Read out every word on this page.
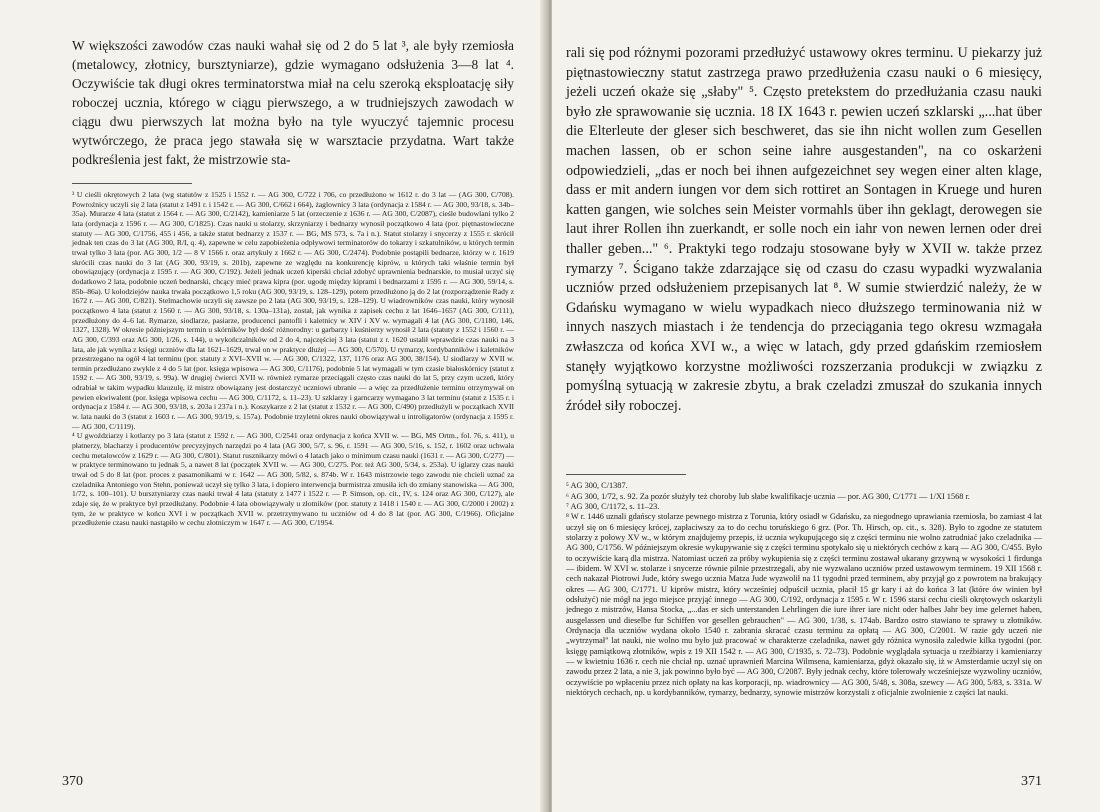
W większości zawodów czas nauki wahał się od 2 do 5 lat ³, ale były rzemiosła (metalowcy, złotnicy, bursztyniarze), gdzie wymagano odsłużenia 3—8 lat ⁴. Oczywiście tak długi okres terminatorstwa miał na celu szeroką eksploatację siły roboczej ucznia, którego w ciągu pierwszego, a w trudniejszych zawodach w ciągu dwu pierwszych lat można było na tyle wyuczyć tajemnic procesu wytwórczego, że praca jego stawała się w warsztacie przydatna. Wart także podkreślenia jest fakt, że mistrzowie sta-

³ U cieśli okrętowych 2 lata (wg statutów z 1525 i 1552 r. — AG 300, C/722 i 706, co przedłużono w 1612 r. do 3 lat — (AG 300, C/708). Powroźnicy uczyli się 2 lata (statut z 1491 r. i 1542 r. — AG 300, C/662 i 664), żaglownicy 3 lata (ordynacja z 1584 r. — AG 300, 93/18, s. 34b–35a). Murarze 4 lata (statut z 1564 r. — AG 300, C/2142), kamieniarze 5 lat (orzeczenie z 1636 r. — AG 300, C/2087), cieśle budowlani tylko 2 lata (ordynacja z 1596 r. — AG 300, C/1825). Czas nauki u stolarzy, skrzyniarzy i bednarzy wynosił początkowo 4 lata (por. piętnastowieczne statuty — AG 300, C/1756, 455 i 456, a także statut bednarzy z 1537 r. — BG, MS 573, s. 7a i n.). Statut stolarzy i snycerzy z 1555 r. skrócił jednak ten czas do 3 lat (AG 300, R/I, q. 4), zapewne w celu zapobieżenia odpływowi terminatorów do tokarzy i szkatulników, u których termin trwał tylko 3 lata (por. AG 300, 1/2 — 8 V 1566 r. oraz artykuły z 1662 r. — AG 300, C/2474). Podobnie postąpili bednarze, którzy w r. 1619 skrócili czas nauki do 3 lat (AG 300, 93/19, s. 201b), zapewne ze względu na konkurencję kiprów, u których taki właśnie termin był obowiązujący (ordynacja z 1595 r. — AG 300, C/192). Jeżeli jednak uczeń kiperski chciał zdobyć uprawnienia bednarskie, to musiał uczyć się dodatkowo 2 lata, podobnie uczeń bednarski, chcący mieć prawa kipra (por. ugodę między kiprami i bednarzami z 1595 r. — AG 300, 59/14, s. 85b–86a). U kołodziejów nauka trwała początkowo 1,5 roku (AG 300, 93/19, s. 128–129), potem przedłużono ją do 2 lat (rozporządzenie Rady z 1672 r. — AG 300, C/821). Stelmachowie uczyli się zawsze po 2 lata (AG 300, 93/19, s. 128–129). U wiadrowników czas nauki, który wynosił początkowo 4 lata (statut z 1560 r. — AG 300, 93/18, s. 130a–131a), został, jak wynika z zapisek cechu z lat 1646–1657 (AG 300, C/111), przedłużony do 4–6 lat. Rymarze, siodlarze, pasiarze, producenci pantofli i kaletnicy w XIV i XV w. wymagali 4 lat (AG 300, C/1180, 146, 1327, 1328). W okresie późniejszym termin u skórników był dość różnorodny: u garbarzy i kuśnierzy wynosił 2 lata (statuty z 1552 i 1560 r. — AG 300, C/393 oraz AG 300, 1/26, s. 144), u wykończalników od 2 do 4, najczęściej 3 lata (statut z r. 1620 ustalił wprawdzie czas nauki na 3 lata, ale jak wynika z księgi uczniów dla lat 1621–1629, trwał on w praktyce dłużej — AG 300, C/570). U rymarzy, kordybanników i kaletników przestrzegano na ogół 4 lat terminu (por. statuty z XVI–XVII w. — AG 300, C/1322, 137, 1176 oraz AG 300, 38/154). U siodlarzy w XVII w. termin przedłużano zwykle z 4 do 5 lat (por. księga wpisowa — AG 300, C/1176), podobnie 5 lat wymagali w tym czasie białoskórnicy (statut z 1592 r. — AG 300, 93/19, s. 99a). W drugiej ćwierci XVII w. również rymarze przeciągali często czas nauki do lat 5, przy czym uczeń, który odrabiał w takim wypadku klauzulę, iż mistrz obowiązany jest dostarczyć uczniowi ubranie — a więc za przedłużenie terminu otrzymywał on pewien ekwiwalent (por. księga wpisowa cechu — AG 300, C/1172, s. 11–23). U szklarzy i garncarzy wymagano 3 lat terminu (statut z 1535 r. i ordynacja z 1584 r. — AG 300, 93/18, s. 203a i 237a i n.). Koszykarze z 2 lat (statut z 1532 r. — AG 300, C/490) przedłużyli w początkach XVII w. lata nauki do 3 (statut z 1603 r. — AG 300, 93/19, s. 157a). Podobnie trzyletni okres nauki obowiązywał u introligatorów (ordynacja z 1595 r. — AG 300, C/1119).

⁴ U gwoździarzy i kotlarzy po 3 lata (statut z 1592 r. — AG 300, C/2541 oraz ordynacja z końca XVII w. — BG, MS Ortm., fol. 76, s. 411), u płatnerzy, blacharzy i producentów precyzyjnych narzędzi po 4 lata (AG 300, 5/7, s. 96, r. 1591 — AG 300, 5/16, s. 152, r. 1602 oraz uchwała cechu metalowców z 1629 r. — AG 300, C/801). Statut rusznikarzy mówi o 4 latach jako o minimum czasu nauki (1631 r. — AG 300, C/277) — w praktyce terminowano tu jednak 5, a nawet 8 lat (początek XVII w. — AG 300, C/275. Por. też AG 300, 5/34, s. 253a). U iglarzy czas nauki trwał od 5 do 8 lat (por. proces z pasamonikami w r. 1642 — AG 300, 5/82, s. 874b. W r. 1643 mistrzowie tego zawodu nie chcieli uznać za czeladnika Antoniego von Stehn, ponieważ uczył się tylko 3 lata, i dopiero interwencja burmistrza zmusiła ich do zmiany stanowiska — AG 300, 1/72, s. 100–101). U bursztyniarzy czas nauki trwał 4 lata (statuty z 1477 i 1522 r. — P. Simson, op. cit., IV, s. 124 oraz AG 300, C/127), ale zdaje się, że w praktyce był przedłużany. Podobnie 4 lata obowiązywały u złotników (por. statuty z 1418 i 1540 r. — AG 300, C/2000 i 2002) z tym, że w praktyce w końcu XVI i w początkach XVII w. przetrzymywano tu uczniów od 4 do 8 lat (por. AG 300, C/1966). Oficjalne przedłużenie czasu nauki nastąpiło w cechu złotniczym w 1647 r. — AG 300, C/1954.

370

rali się pod różnymi pozorami przedłużyć ustawowy okres terminu. U piekarzy już piętnastowieczny statut zastrzega prawo przedłużenia czasu nauki o 6 miesięcy, jeżeli uczeń okaże się „słaby" ⁵. Często pretekstem do przedłużania czasu nauki było złe sprawowanie się ucznia. 18 IX 1643 r. pewien uczeń szklarski „...hat über die Elterleute der gleser sich beschweret, das sie ihn nicht wollen zum Gesellen machen lassen, ob er schon seine iahre ausgestanden", na co oskarżeni odpowiedzieli, „das er noch bei ihnen aufgezeichnet sey wegen einer alten klage, dass er mit andern iungen vor dem sich rottiret an Sontagen in Kruege und huren katten gangen, wie solches sein Meister vormahls über ihn geklagt, derowegen sie laut ihrer Rollen ihn zuerkandt, er solle noch ein iahr von newen lernen oder drei thaller geben..." ⁶. Praktyki tego rodzaju stosowane były w XVII w. także przez rymarzy ⁷. Ścigano także zdarzające się od czasu do czasu wypadki wyzwalania uczniów przed odsłużeniem przepisanych lat ⁸. W sumie stwierdzić należy, że w Gdańsku wymagano w wielu wypadkach nieco dłuższego terminowania niż w innych naszych miastach i że tendencja do przeciągania tego okresu wzmagała zwłaszcza od końca XVI w., a więc w latach, gdy przed gdańskim rzemiosłem stanęły wyjątkowo korzystne możliwości rozszerzania produkcji w związku z pomyślną sytuacją w zakresie zbytu, a brak czeladzi zmuszał do szukania innych źródeł siły roboczej.

⁵ AG 300, C/1387.

⁶ AG 300, 1/72, s. 92. Za pozór służyły też choroby lub słabe kwalifikacje ucznia — por. AG 300, C/1771 — 1/XI 1568 r.

⁷ AG 300, C/1172, s. 11–23.

⁸ W r. 1446 uznali gdańscy stolarze pewnego mistrza z Torunia, który osiadł w Gdańsku, za niegodnego uprawiania rzemiosła, bo zamiast 4 lat uczył się on 6 miesięcy krócej, zapłaciwszy za to do cechu toruńskiego 6 grz. (Por. Th. Hirsch, op. cit., s. 328). Było to zgodne ze statutem stolarzy z połowy XV w., w którym znajdujemy przepis, iż ucznia wykupującego się z części terminu nie wolno zatrudniać jako czeladnika — AG 300, C/1756. W późniejszym okresie wykupywanie się z części terminu spotykało się u niektórych cechów z karą — AG 300, C/455. Było to oczywiście karą dla mistrza. Natomiast uczeń za próby wykupienia się z części terminu zostawał ukarany grzywną w wysokości 1 firdunga — ibidem. W XVI w. stolarze i snycerze równie pilnie przestrzegali, aby nie wyzwalano uczniów przed ustawowym terminem. 19 XII 1568 r. cech nakazał Piotrowi Jude, który swego ucznia Matza Jude wyzwolił na 11 tygodni przed terminem, aby przyjął go z powrotem na brakujący okres — AG 300, C/1771. U kiprów mistrz, który wcześniej odpuścił ucznia, płacił 15 gr kary i aż do końca 3 lat (które ów winien był odsłużyć) nie mógł na jego miejsce przyjąć innego — AG 300, C/192, ordynacja z 1595 r. W r. 1596 starsi cechu cieśli okrętowych oskarżyli jednego z mistrzów, Hansa Stocka, „...das er sich unterstanden Lehrlingen die iure ihrer iare nicht oder halbes Jahr bey ime gelernet haben, ausgelassen und dieselbe fur Schiffen vor gesellen gebrauchen" — AG 300, 1/38, s. 174ab. Bardzo ostro stawiano te sprawy u złotników. Ordynacja dla uczniów wydana około 1540 r. zabrania skracać czasu terminu za opłatą — AG 300, C/2001. W razie gdy uczeń nie „wytrzymał" lat nauki, nie wolno mu było już pracować w charakterze czeladnika, nawet gdy różnica wynosiła zaledwie kilka tygodni (por. księgę pamiątkową złotników, wpis z 19 XII 1542 r. — AG 300, C/1935, s. 72–73). Podobnie wyglądała sytuacja u rzeźbiarzy i kamieniarzy — w kwietniu 1636 r. cech nie chciał np. uznać uprawnień Marcina Wilmsena, kamieniarza, gdyż okazało się, iż w Amsterdamie uczył się on zawodu przez 2 lata, a nie 3, jak powinno było być — AG 300, C/2087. Były jednak cechy, które tolerowały wcześniejsze wyzwoliny uczniów, oczywiście po wpłaceniu przez nich opłaty na kas korporacji, np. wiadrownicy — AG 300, 5/48, s. 308a, szewcy — AG 300, 5/83, s. 331a. W niektórych cechach, np. u kordybanników, rymarzy, bednarzy, synowie mistrzów korzystali z oficjalnie zwolnienie z części lat nauki.

371
